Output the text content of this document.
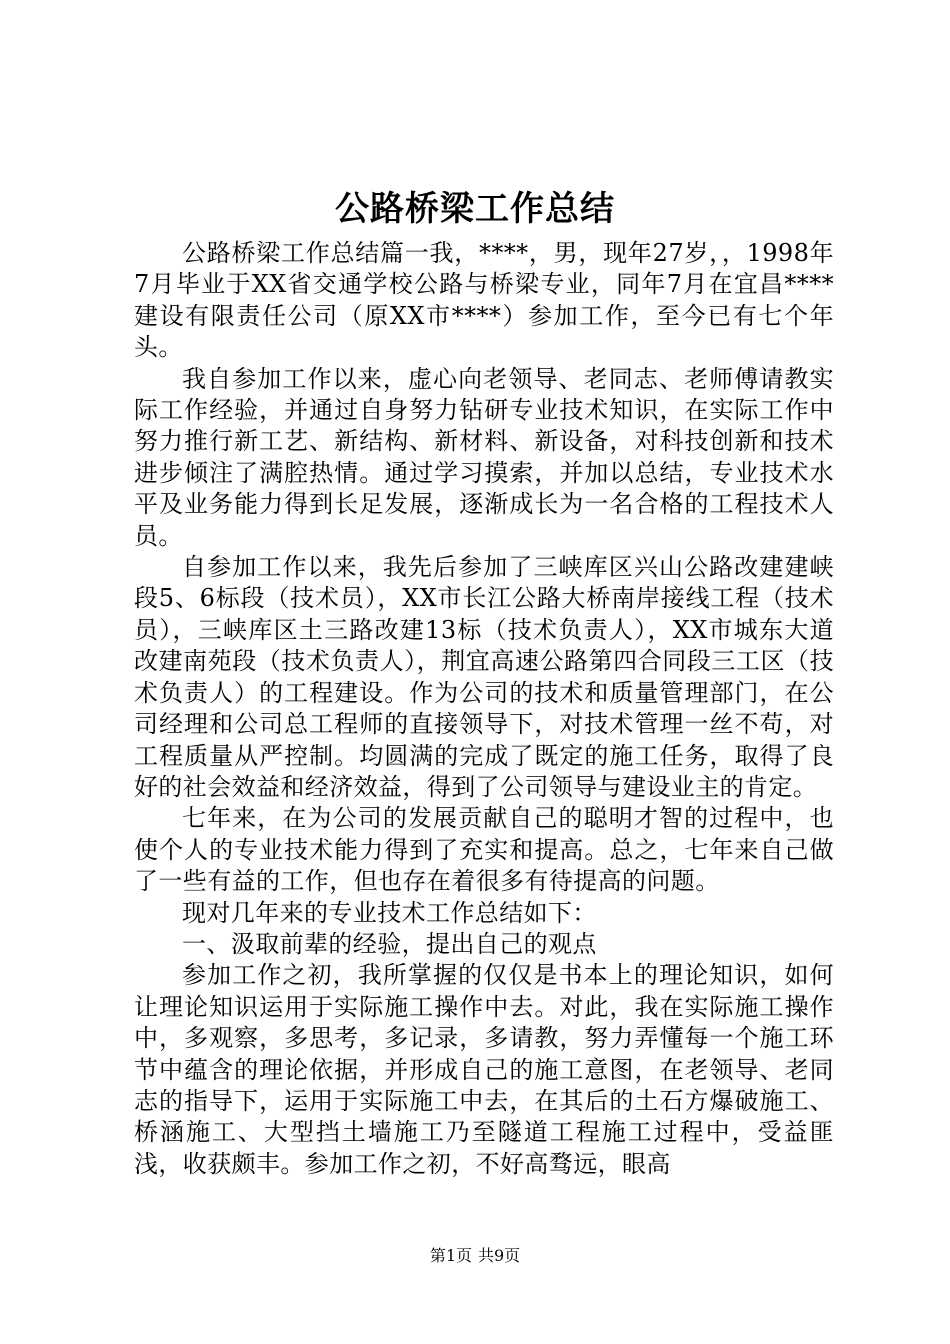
公路桥梁工作总结

公路桥梁工作总结篇一我，****，男，现年27岁，，1998年7月毕业于XX省交通学校公路与桥梁专业，同年7月在宜昌****建设有限责任公司（原XX市****）参加工作，至今已有七个年头。

我自参加工作以来，虚心向老领导、老同志、老师傅请教实际工作经验，并通过自身努力钻研专业技术知识，在实际工作中努力推行新工艺、新结构、新材料、新设备，对科技创新和技术进步倾注了满腔热情。通过学习摸索，并加以总结，专业技术水平及业务能力得到长足发展，逐渐成长为一名合格的工程技术人员。

自参加工作以来，我先后参加了三峡库区兴山公路改建建峡段5、6标段（技术员），XX市长江公路大桥南岸接线工程（技术员），三峡库区土三路改建13标（技术负责人），XX市城东大道改建南苑段（技术负责人），荆宜高速公路第四合同段三工区（技术负责人）的工程建设。作为公司的技术和质量管理部门，在公司经理和公司总工程师的直接领导下，对技术管理一丝不苟，对工程质量从严控制。均圆满的完成了既定的施工任务，取得了良好的社会效益和经济效益，得到了公司领导与建设业主的肯定。

七年来，在为公司的发展贡献自己的聪明才智的过程中，也使个人的专业技术能力得到了充实和提高。总之，七年来自己做了一些有益的工作，但也存在着很多有待提高的问题。

现对几年来的专业技术工作总结如下：

一、汲取前辈的经验，提出自己的观点

参加工作之初，我所掌握的仅仅是书本上的理论知识，如何让理论知识运用于实际施工操作中去。对此，我在实际施工操作中，多观察，多思考，多记录，多请教，努力弄懂每一个施工环节中蕴含的理论依据，并形成自己的施工意图，在老领导、老同志的指导下，运用于实际施工中去，在其后的土石方爆破施工、桥涵施工、大型挡土墙施工乃至隧道工程施工过程中，受益匪浅，收获颇丰。参加工作之初，不好高骛远，眼高

第1页 共9页
